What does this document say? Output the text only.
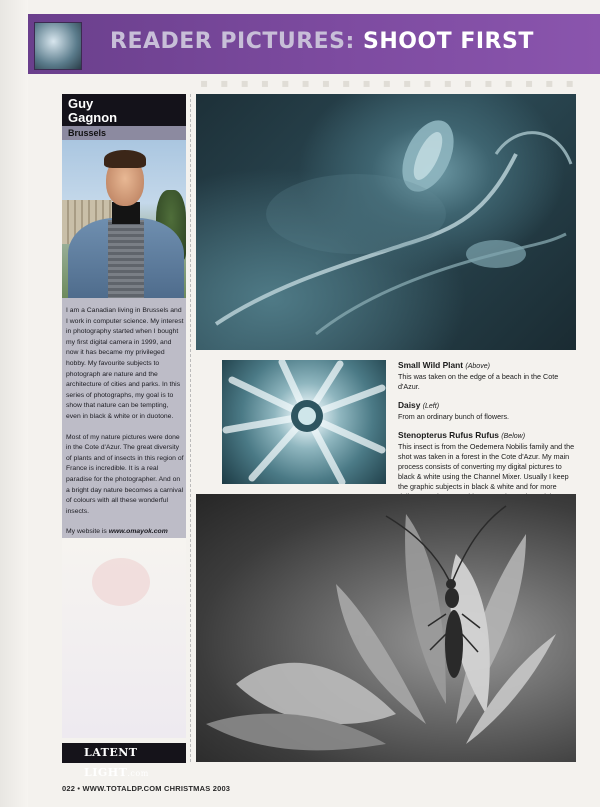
READER PICTURES: SHOOT FIRST
▪ ▪ ▪ ▪ ▪ ▪ ▪ ▪ ▪ ▪ ▪ ▪ ▪ ▪ ▪ ▪ ▪ ▪ ▪
Guy
Gagnon
Brussels

I am a Canadian living in Brussels and I work in computer science. My interest in photography started when I bought my first digital camera in 1999, and now it has became my privileged hobby. My favourite subjects to photograph are nature and the architecture of cities and parks. In this series of photographs, my goal is to show that nature can be tempting, even in black & white or in duotone.

Most of my nature pictures were done in the Cote d'Azur. The great diversity of plants and of insects in this region of France is incredible. It is a real paradise for the photographer. And on a bright day nature becomes a carnival of colours with all these wonderful insects.

My website is www.omayok.com

LATENT LIGHT.com

Small Wild Plant (Above)

This was taken on the edge of a beach in the Cote d'Azur.

Daisy (Left)

From an ordinary bunch of flowers.

Stenopterus Rufus Rufus (Below)

This insect is from the Oedemera Nobilis family and the shot was taken in a forest in the Cote d'Azur. My main process consists of converting my digital pictures to black & white using the Channel Mixer. Usually I keep the graphic subjects in black & white and for more

022 • WWW.TOTALDP.COM CHRISTMAS 2003
